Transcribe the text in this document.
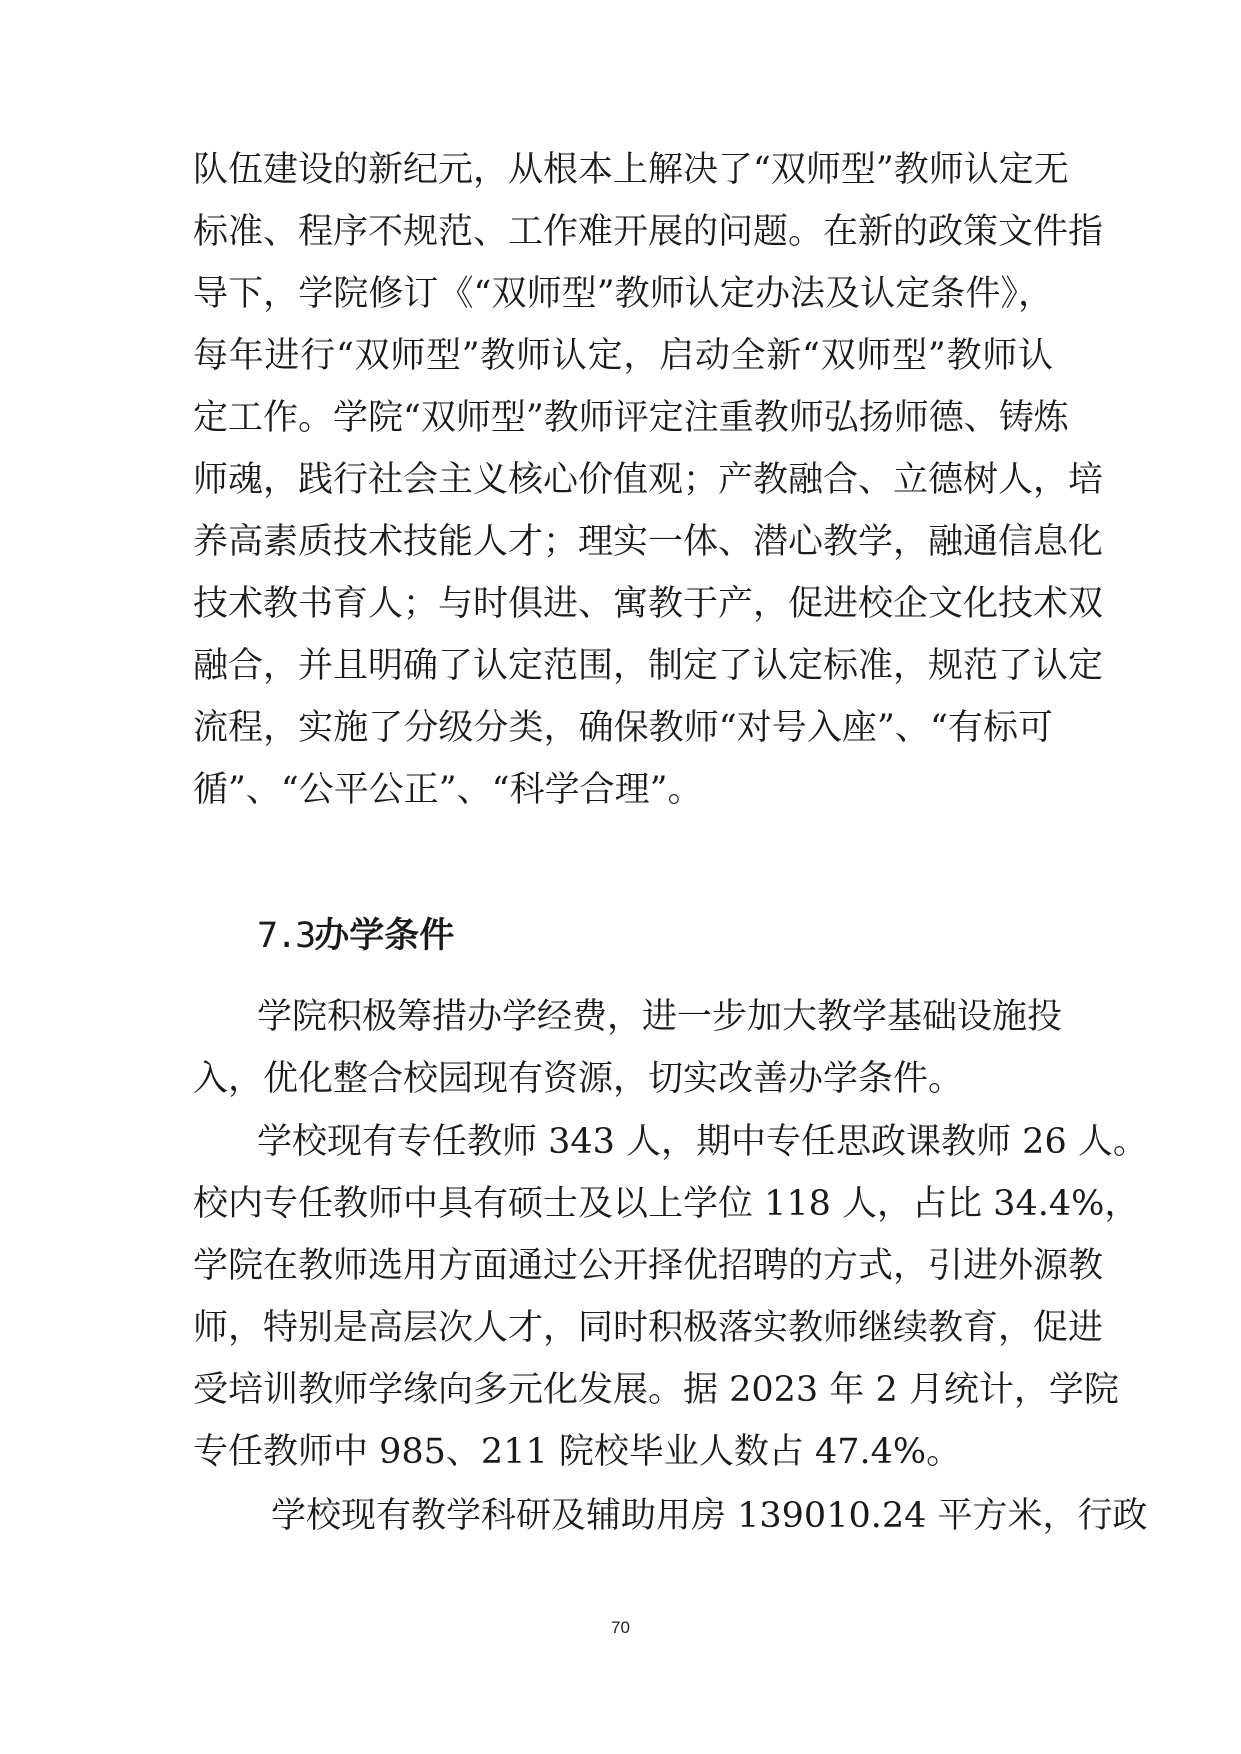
队伍建设的新纪元，从根本上解决了“双师型”教师认定无
标准、程序不规范、工作难开展的问题。在新的政策文件指
导下，学院修订《“双师型”教师认定办法及认定条件》，
每年进行“双师型”教师认定，启动全新“双师型”教师认
定工作。学院“双师型”教师评定注重教师弘扬师德、铸炼
师魂，践行社会主义核心价值观；产教融合、立德树人，培
养高素质技术技能人才；理实一体、潜心教学，融通信息化
技术教书育人；与时俱进、寓教于产，促进校企文化技术双
融合，并且明确了认定范围，制定了认定标准，规范了认定
流程，实施了分级分类，确保教师“对号入座”、“有标可
循”、“公平公正”、“科学合理”。
7.3办学条件
学院积极筹措办学经费，进一步加大教学基础设施投
入，优化整合校园现有资源，切实改善办学条件。
学校现有专任教师 343 人，期中专任思政课教师 26 人。
校内专任教师中具有硕士及以上学位 118 人，占比 34.4%，
学院在教师选用方面通过公开择优招聘的方式，引进外源教
师，特别是高层次人才，同时积极落实教师继续教育，促进
受培训教师学缘向多元化发展。据 2023 年 2 月统计，学院
专任教师中 985、211 院校毕业人数占 47.4%。
学校现有教学科研及辅助用房 139010.24 平方米，行政
70
